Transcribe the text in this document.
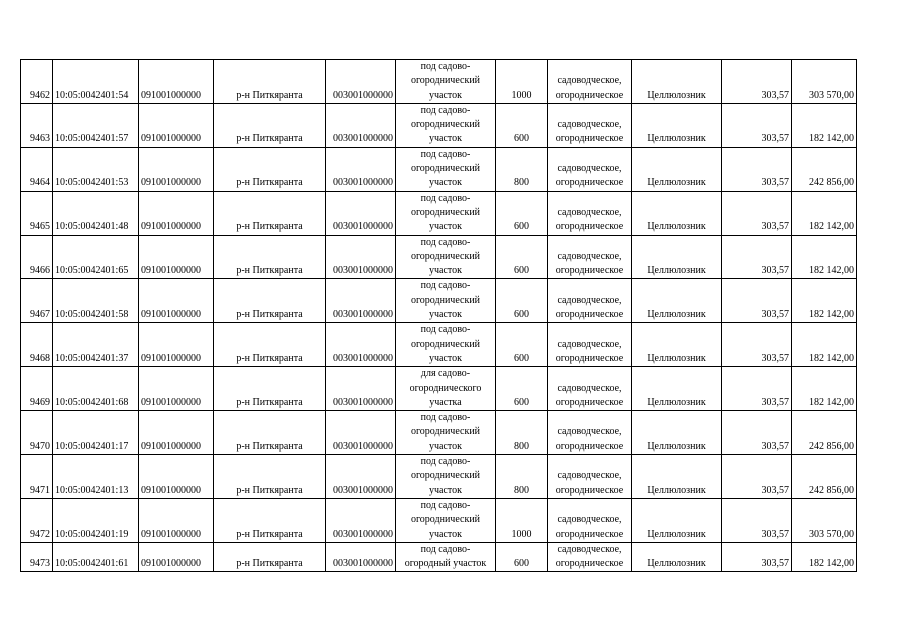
9462	10:05:0042401:54	091001000000	р-н Питкяранта	003001000000	под садово-
огороднический
участок	1000	садоводческое,
огородническое	Целлюлозник	303,57	303 570,00
9463	10:05:0042401:57	091001000000	р-н Питкяранта	003001000000	под садово-
огороднический
участок	600	садоводческое,
огородническое	Целлюлозник	303,57	182 142,00
9464	10:05:0042401:53	091001000000	р-н Питкяранта	003001000000	под садово-
огороднический
участок	800	садоводческое,
огородническое	Целлюлозник	303,57	242 856,00
9465	10:05:0042401:48	091001000000	р-н Питкяранта	003001000000	под садово-
огороднический
участок	600	садоводческое,
огородническое	Целлюлозник	303,57	182 142,00
9466	10:05:0042401:65	091001000000	р-н Питкяранта	003001000000	под садово-
огороднический
участок	600	садоводческое,
огородническое	Целлюлозник	303,57	182 142,00
9467	10:05:0042401:58	091001000000	р-н Питкяранта	003001000000	под садово-
огороднический
участок	600	садоводческое,
огородническое	Целлюлозник	303,57	182 142,00
9468	10:05:0042401:37	091001000000	р-н Питкяранта	003001000000	под садово-
огороднический
участок	600	садоводческое,
огородническое	Целлюлозник	303,57	182 142,00
9469	10:05:0042401:68	091001000000	р-н Питкяранта	003001000000	для садово-
огороднического
участка	600	садоводческое,
огородническое	Целлюлозник	303,57	182 142,00
9470	10:05:0042401:17	091001000000	р-н Питкяранта	003001000000	под садово-
огороднический
участок	800	садоводческое,
огородническое	Целлюлозник	303,57	242 856,00
9471	10:05:0042401:13	091001000000	р-н Питкяранта	003001000000	под садово-
огороднический
участок	800	садоводческое,
огородническое	Целлюлозник	303,57	242 856,00
9472	10:05:0042401:19	091001000000	р-н Питкяранта	003001000000	под садово-
огороднический
участок	1000	садоводческое,
огородническое	Целлюлозник	303,57	303 570,00
9473	10:05:0042401:61	091001000000	р-н Питкяранта	003001000000	под садово-
огородный участок	600	садоводческое,
огородническое	Целлюлозник	303,57	182 142,00
